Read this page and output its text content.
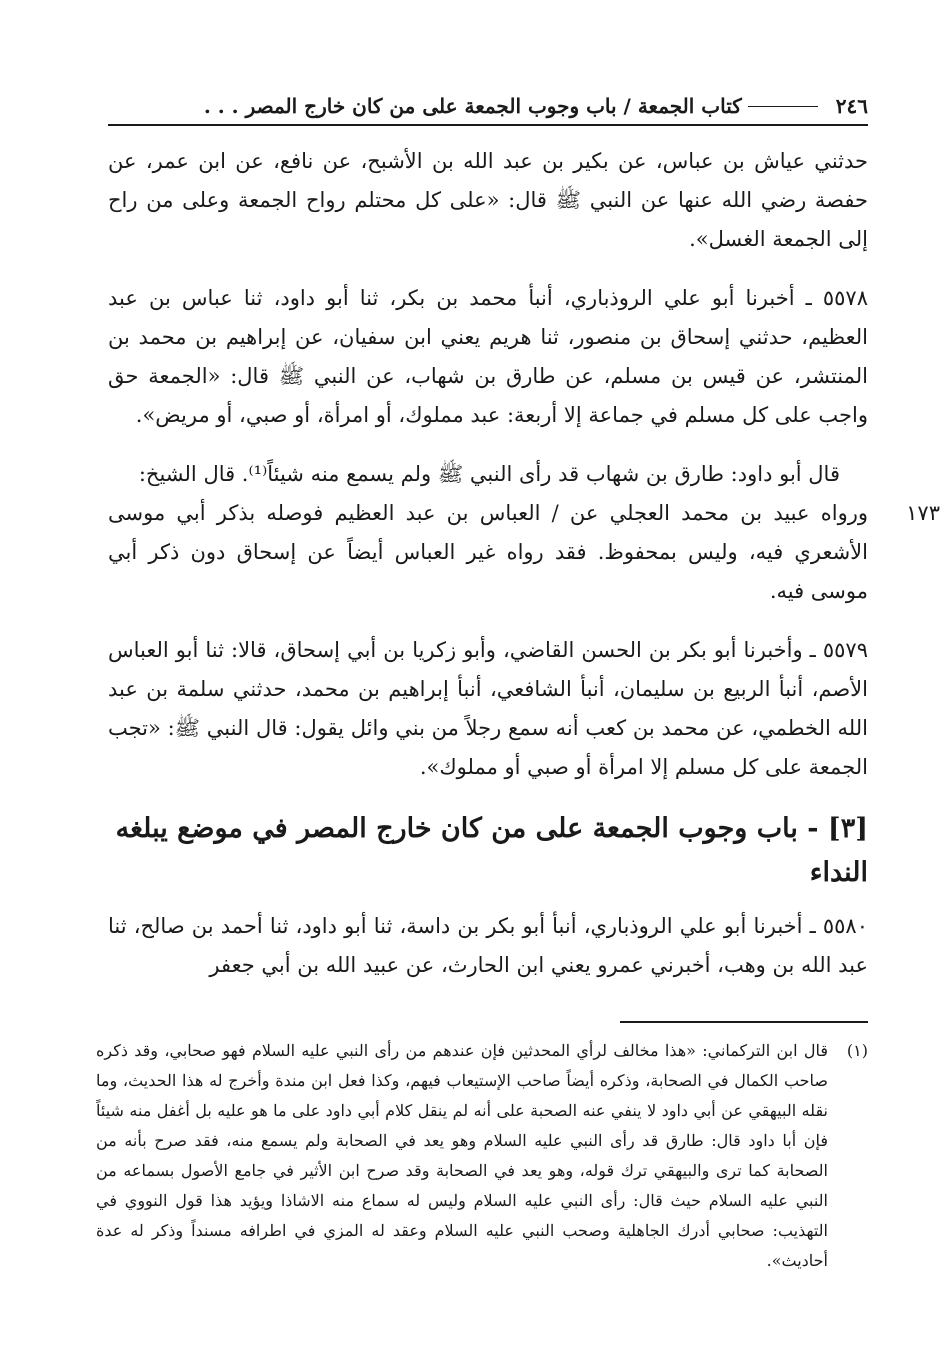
٢٤٦
كتاب الجمعة / باب وجوب الجمعة على من كان خارج المصر . . .

حدثني عياش بن عباس، عن بكير بن عبد الله بن الأشبح، عن نافع، عن ابن عمر، عن حفصة رضي الله عنها عن النبي ﷺ قال: «على كل محتلم رواح الجمعة وعلى من راح إلى الجمعة الغسل».

٥٥٧٨ ـ أخبرنا أبو علي الروذباري، أنبأ محمد بن بكر، ثنا أبو داود، ثنا عباس بن عبد العظيم، حدثني إسحاق بن منصور، ثنا هريم يعني ابن سفيان، عن إبراهيم بن محمد بن المنتشر، عن قيس بن مسلم، عن طارق بن شهاب، عن النبي ﷺ قال: «الجمعة حق واجب على كل مسلم في جماعة إلا أربعة: عبد مملوك، أو امرأة، أو صبي، أو مريض».

قال أبو داود: طارق بن شهاب قد رأى النبي ﷺ ولم يسمع منه شيئاً⁽¹⁾. قال الشيخ:

١٧٣

ورواه عبيد بن محمد العجلي عن / العباس بن عبد العظيم فوصله بذكر أبي موسى الأشعري فيه، وليس بمحفوظ. فقد رواه غير العباس أيضاً عن إسحاق دون ذكر أبي موسى فيه.

٥٥٧٩ ـ وأخبرنا أبو بكر بن الحسن القاضي، وأبو زكريا بن أبي إسحاق، قالا: ثنا أبو العباس الأصم، أنبأ الربيع بن سليمان، أنبأ الشافعي، أنبأ إبراهيم بن محمد، حدثني سلمة بن عبد الله الخطمي، عن محمد بن كعب أنه سمع رجلاً من بني وائل يقول: قال النبي ﷺ: «تجب الجمعة على كل مسلم إلا امرأة أو صبي أو مملوك».

[٣] - باب وجوب الجمعة على من كان خارج المصر في موضع يبلغه النداء

٥٥٨٠ ـ أخبرنا أبو علي الروذباري، أنبأ أبو بكر بن داسة، ثنا أبو داود، ثنا أحمد بن صالح، ثنا عبد الله بن وهب، أخبرني عمرو يعني ابن الحارث، عن عبيد الله بن أبي جعفر

(١)
قال ابن التركماني: «هذا مخالف لرأي المحدثين فإن عندهم من رأى النبي عليه السلام فهو صحابي، وقد ذكره صاحب الكمال في الصحابة، وذكره أيضاً صاحب الإستيعاب فيهم، وكذا فعل ابن مندة وأخرج له هذا الحديث، وما نقله البيهقي عن أبي داود لا ينفي عنه الصحبة على أنه لم ينقل كلام أبي داود على ما هو عليه بل أغفل منه شيئاً فإن أبا داود قال: طارق قد رأى النبي عليه السلام وهو يعد في الصحابة ولم يسمع منه، فقد صرح بأنه من الصحابة كما ترى والبيهقي ترك قوله، وهو يعد في الصحابة وقد صرح ابن الأثير في جامع الأصول بسماعه من النبي عليه السلام حيث قال: رأى النبي عليه السلام وليس له سماع منه الاشاذا ويؤيد هذا قول النووي في التهذيب: صحابي أدرك الجاهلية وصحب النبي عليه السلام وعقد له المزي في اطرافه مسنداً وذكر له عدة أحاديث».
